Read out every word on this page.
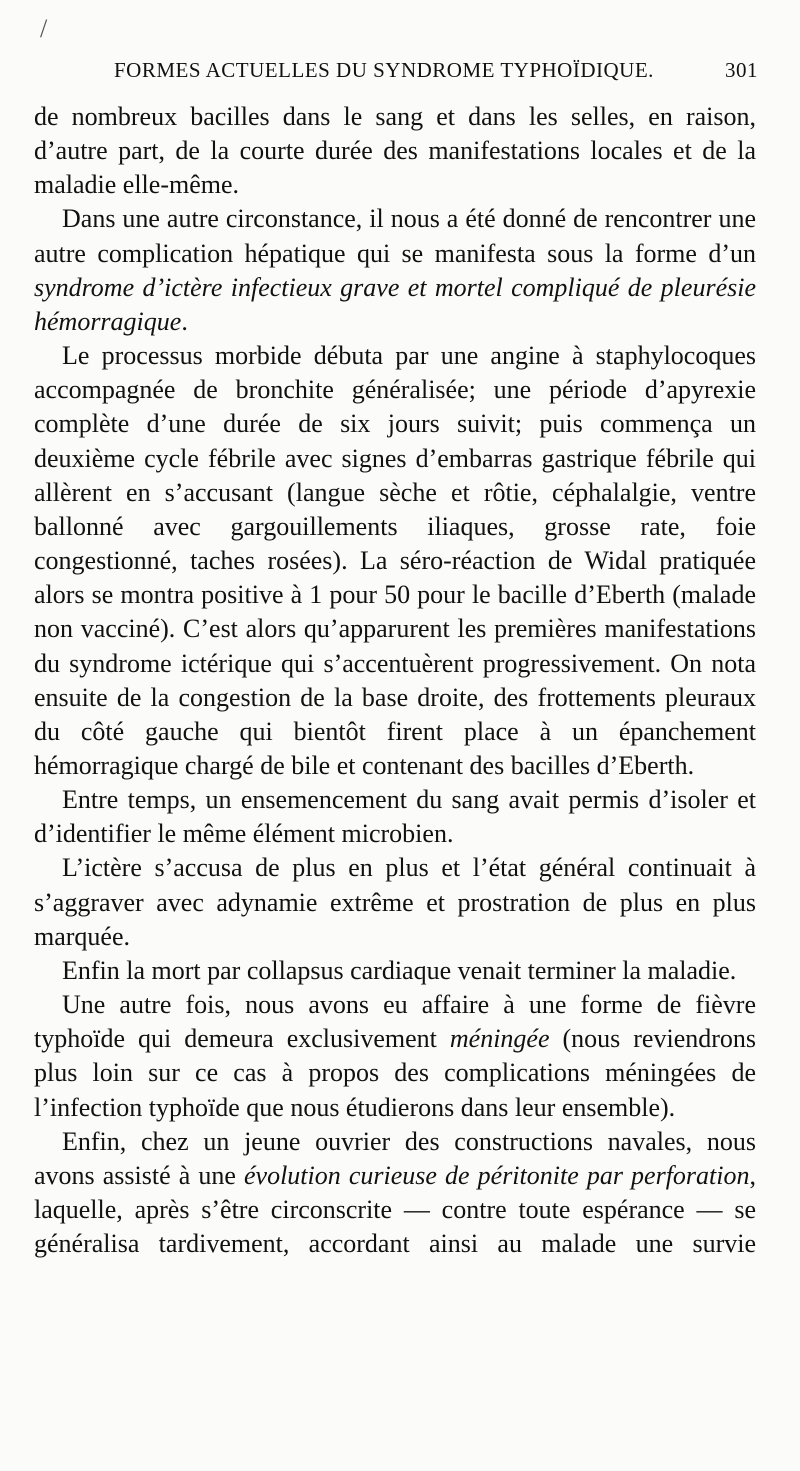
/
FORMES ACTUELLES DU SYNDROME TYPHOÏDIQUE.	301

de nombreux bacilles dans le sang et dans les selles, en raison, d’autre part, de la courte durée des manifestations locales et de la maladie elle-même.

Dans une autre circonstance, il nous a été donné de rencontrer une autre complication hépatique qui se manifesta sous la forme d’un syndrome d’ictère infectieux grave et mortel compliqué de pleurésie hémorragique.

Le processus morbide débuta par une angine à staphylocoques accompagnée de bronchite généralisée; une période d’apyrexie complète d’une durée de six jours suivit; puis commença un deuxième cycle fébrile avec signes d’embarras gastrique fébrile qui allèrent en s’accusant (langue sèche et rôtie, céphalalgie, ventre ballonné avec gargouillements iliaques, grosse rate, foie congestionné, taches rosées). La séro-réaction de Widal pratiquée alors se montra positive à 1 pour 50 pour le bacille d’Eberth (malade non vacciné). C’est alors qu’apparurent les premières manifestations du syndrome ictérique qui s’accentuèrent progressivement. On nota ensuite de la congestion de la base droite, des frottements pleuraux du côté gauche qui bientôt firent place à un épanchement hémorragique chargé de bile et contenant des bacilles d’Eberth.

Entre temps, un ensemencement du sang avait permis d’isoler et d’identifier le même élément microbien.

L’ictère s’accusa de plus en plus et l’état général continuait à s’aggraver avec adynamie extrême et prostration de plus en plus marquée.

Enfin la mort par collapsus cardiaque venait terminer la maladie.

Une autre fois, nous avons eu affaire à une forme de fièvre typhoïde qui demeura exclusivement méningée (nous reviendrons plus loin sur ce cas à propos des complications méningées de l’infection typhoïde que nous étudierons dans leur ensemble).

Enfin, chez un jeune ouvrier des constructions navales, nous avons assisté à une évolution curieuse de péritonite par perforation, laquelle, après s’être circonscrite — contre toute espérance — se généralisa tardivement, accordant ainsi au malade une survie
